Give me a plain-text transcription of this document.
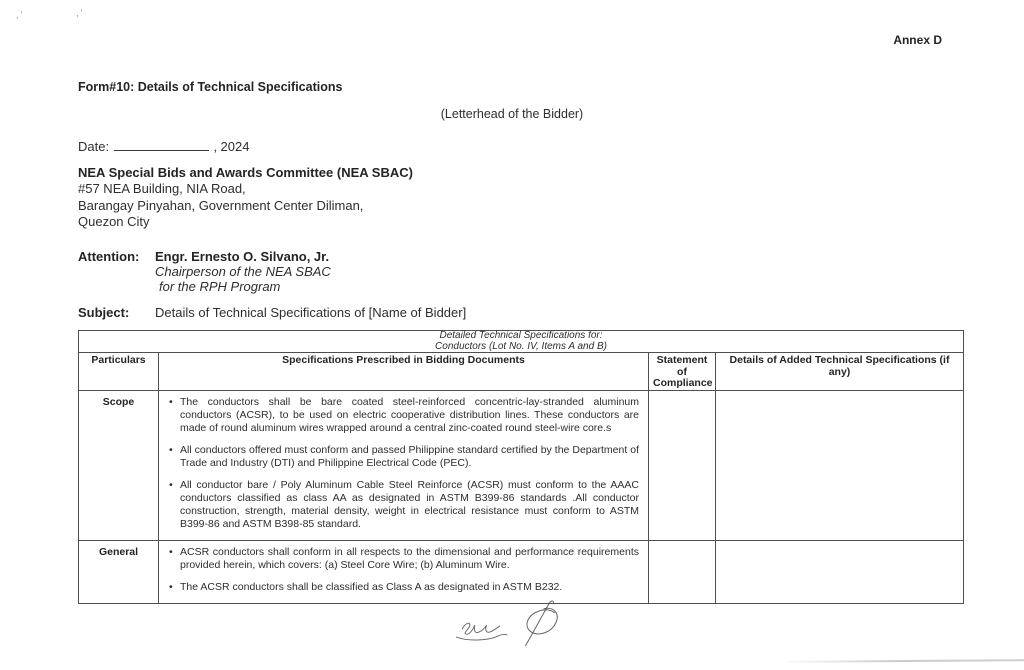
,’	,’
Annex D
Form#10: Details of Technical Specifications
(Letterhead of the Bidder)
Date:	, 2024
NEA Special Bids and Awards Committee (NEA SBAC)
#57 NEA Building, NIA Road,
Barangay Pinyahan, Government Center Diliman,
Quezon City
Attention:	Engr. Ernesto O. Silvano, Jr.
Chairperson of the NEA SBAC
for the RPH Program
Subject:	Details of Technical Specifications of [Name of Bidder]
Detailed Technical Specifications for:
Conductors (Lot No. IV, Items A and B)			

Particulars	Specifications Prescribed in Bidding Documents	Statement of Compliance	Details of Added Technical Specifications (if any)
Scope	
•The conductors shall be bare coated steel-reinforced concentric-lay-stranded aluminum conductors (ACSR), to be used on electric cooperative distribution lines. These conductors are made of round aluminum wires wrapped around a central zinc-coated round steel-wire core.s
• All conductors offered must conform and passed Philippine standard certified by the Department of Trade and Industry (DTI) and Philippine Electrical Code (PEC).
• All conductor bare / Poly Aluminum Cable Steel Reinforce (ACSR) must conform to the AAAC conductors classified as class AA as designated in ASTM B399-86 standards .All conductor construction, strength, material density, weight in electrical resistance must conform to ASTM B399-86 and ASTM B398-85 standard.

General	
•ACSR conductors shall conform in all respects to the dimensional and performance requirements provided herein, which covers: (a) Steel Core Wire; (b) Aluminum Wire.
• The ACSR conductors shall be classified as Class A as designated in ASTM B232.
